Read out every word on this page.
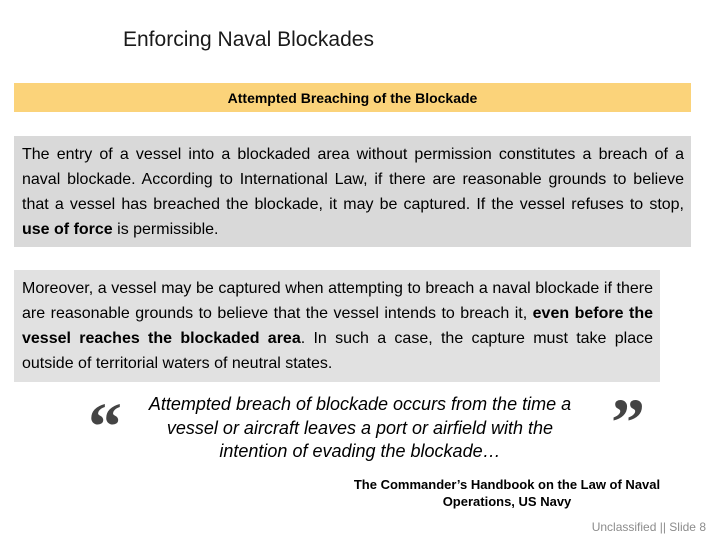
Enforcing Naval Blockades
Attempted Breaching of the Blockade

The entry of a vessel into a blockaded area without permission constitutes a breach of a naval blockade. According to International Law, if there are reasonable grounds to believe that a vessel has breached the blockade, it may be captured. If the vessel refuses to stop, use of force is permissible.

Moreover, a vessel may be captured when attempting to breach a naval blockade if there are reasonable grounds to believe that the vessel intends to breach it, even before the vessel reaches the blockaded area. In such a case, the capture must take place outside of territorial waters of neutral states.

“	Attempted breach of blockade occurs from the time a vessel or aircraft leaves a port or airfield with the intention of evading the blockade…	”
The Commander’s Handbook on the Law of Naval Operations, US Navy
Unclassified || Slide 8
